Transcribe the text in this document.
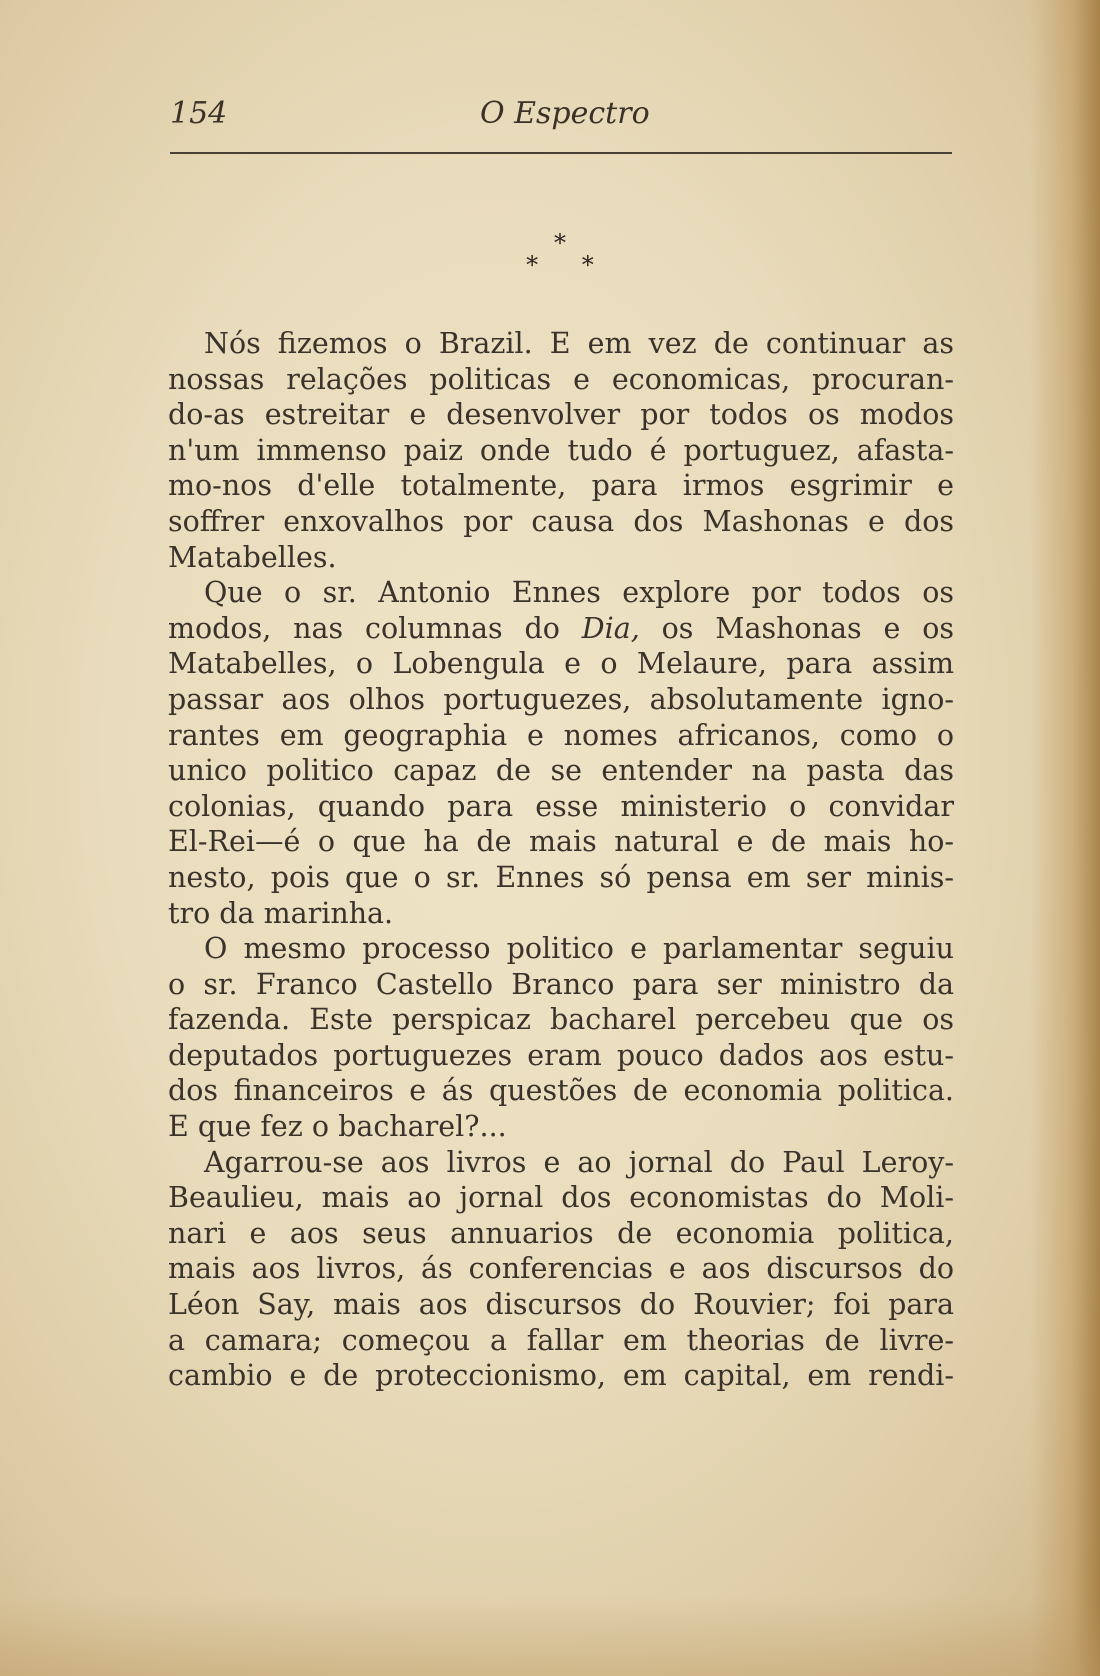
154	O Espectro
*
* *
Nós fizemos o Brazil. E em vez de continuar as
nossas relações politicas e economicas, procuran-
do-as estreitar e desenvolver por todos os modos
n'um immenso paiz onde tudo é portuguez, afasta-
mo-nos d'elle totalmente, para irmos esgrimir e
soffrer enxovalhos por causa dos Mashonas e dos
Matabelles.
Que o sr. Antonio Ennes explore por todos os
modos, nas columnas do Dia, os Mashonas e os
Matabelles, o Lobengula e o Melaure, para assim
passar aos olhos portuguezes, absolutamente igno-
rantes em geographia e nomes africanos, como o
unico politico capaz de se entender na pasta das
colonias, quando para esse ministerio o convidar
El-Rei—é o que ha de mais natural e de mais ho-
nesto, pois que o sr. Ennes só pensa em ser minis-
tro da marinha.
O mesmo processo politico e parlamentar seguiu
o sr. Franco Castello Branco para ser ministro da
fazenda. Este perspicaz bacharel percebeu que os
deputados portuguezes eram pouco dados aos estu-
dos financeiros e ás questões de economia politica.
E que fez o bacharel?...
Agarrou-se aos livros e ao jornal do Paul Leroy-
Beaulieu, mais ao jornal dos economistas do Moli-
nari e aos seus annuarios de economia politica,
mais aos livros, ás conferencias e aos discursos do
Léon Say, mais aos discursos do Rouvier; foi para
a camara; começou a fallar em theorias de livre-
cambio e de proteccionismo, em capital, em rendi-
